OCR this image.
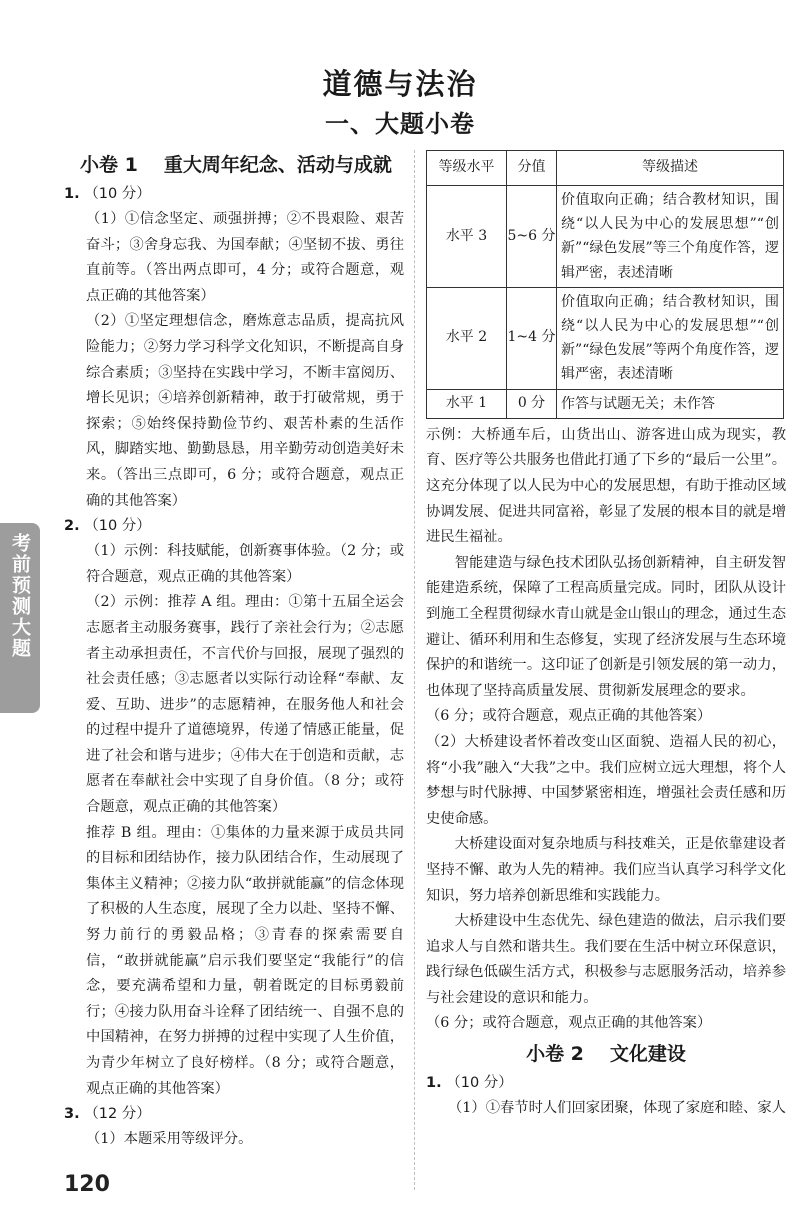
道德与法治
一、大题小卷
考前预测大题
小卷 1 重大周年纪念、活动与成就
1. （10 分）

（1）①信念坚定、顽强拼搏；②不畏艰险、艰苦奋斗；③舍身忘我、为国奉献；④坚韧不拔、勇往直前等。（答出两点即可，4 分；或符合题意，观点正确的其他答案）

（2）①坚定理想信念，磨炼意志品质，提高抗风险能力；②努力学习科学文化知识，不断提高自身综合素质；③坚持在实践中学习，不断丰富阅历、增长见识；④培养创新精神，敢于打破常规，勇于探索；⑤始终保持勤俭节约、艰苦朴素的生活作风，脚踏实地、勤勤恳恳，用辛勤劳动创造美好未来。（答出三点即可，6 分；或符合题意，观点正确的其他答案）

2. （10 分）

（1）示例：科技赋能，创新赛事体验。（2 分；或符合题意，观点正确的其他答案）

（2）示例：推荐 A 组。理由：①第十五届全运会志愿者主动服务赛事，践行了亲社会行为；②志愿者主动承担责任，不言代价与回报，展现了强烈的社会责任感；③志愿者以实际行动诠释“奉献、友爱、互助、进步”的志愿精神，在服务他人和社会的过程中提升了道德境界，传递了情感正能量，促进了社会和谐与进步；④伟大在于创造和贡献，志愿者在奉献社会中实现了自身价值。（8 分；或符合题意，观点正确的其他答案）

推荐 B 组。理由：①集体的力量来源于成员共同的目标和团结协作，接力队团结合作，生动展现了集体主义精神；②接力队“敢拼就能赢”的信念体现了积极的人生态度，展现了全力以赴、坚持不懈、努力前行的勇毅品格；③青春的探索需要自信，“敢拼就能赢”启示我们要坚定“我能行”的信念，要充满希望和力量，朝着既定的目标勇毅前行；④接力队用奋斗诠释了团结统一、自强不息的中国精神，在努力拼搏的过程中实现了人生价值，为青少年树立了良好榜样。（8 分；或符合题意，观点正确的其他答案）

3. （12 分）

（1）本题采用等级评分。

等级水平	分值	等级描述
水平 3	5~6 分	价值取向正确；结合教材知识，围绕“以人民为中心的发展思想”“创新”“绿色发展”等三个角度作答，逻辑严密，表述清晰
水平 2	1~4 分	价值取向正确；结合教材知识，围绕“以人民为中心的发展思想”“创新”“绿色发展”等两个角度作答，逻辑严密，表述清晰
水平 1	0 分	作答与试题无关；未作答

示例：大桥通车后，山货出山、游客进山成为现实，教育、医疗等公共服务也借此打通了下乡的“最后一公里”。这充分体现了以人民为中心的发展思想，有助于推动区域协调发展、促进共同富裕，彰显了发展的根本目的就是增进民生福祉。

智能建造与绿色技术团队弘扬创新精神，自主研发智能建造系统，保障了工程高质量完成。同时，团队从设计到施工全程贯彻绿水青山就是金山银山的理念，通过生态避让、循环利用和生态修复，实现了经济发展与生态环境保护的和谐统一。这印证了创新是引领发展的第一动力，也体现了坚持高质量发展、贯彻新发展理念的要求。

（6 分；或符合题意，观点正确的其他答案）

（2）大桥建设者怀着改变山区面貌、造福人民的初心，将“小我”融入“大我”之中。我们应树立远大理想，将个人梦想与时代脉搏、中国梦紧密相连，增强社会责任感和历史使命感。

大桥建设面对复杂地质与科技难关，正是依靠建设者坚持不懈、敢为人先的精神。我们应当认真学习科学文化知识，努力培养创新思维和实践能力。

大桥建设中生态优先、绿色建造的做法，启示我们要追求人与自然和谐共生。我们要在生活中树立环保意识，践行绿色低碳生活方式，积极参与志愿服务活动，培养参与社会建设的意识和能力。

（6 分；或符合题意，观点正确的其他答案）

小卷 2 文化建设
1. （10 分）

（1）①春节时人们回家团聚，体现了家庭和睦、家人

120
